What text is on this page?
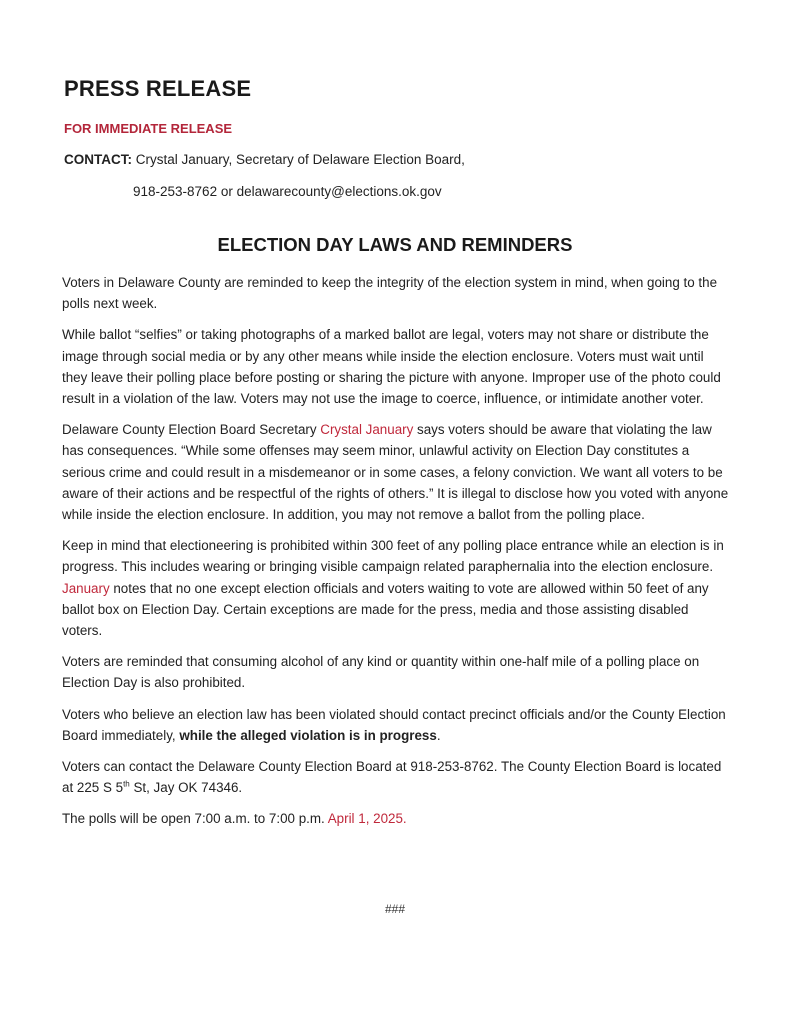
PRESS RELEASE
FOR IMMEDIATE RELEASE
CONTACT: Crystal January, Secretary of Delaware Election Board,
918-253-8762 or delawarecounty@elections.ok.gov
ELECTION DAY LAWS AND REMINDERS

Voters in Delaware County are reminded to keep the integrity of the election system in mind, when going to the polls next week.

While ballot “selfies” or taking photographs of a marked ballot are legal, voters may not share or distribute the image through social media or by any other means while inside the election enclosure. Voters must wait until they leave their polling place before posting or sharing the picture with anyone. Improper use of the photo could result in a violation of the law. Voters may not use the image to coerce, influence, or intimidate another voter.

Delaware County Election Board Secretary Crystal January says voters should be aware that violating the law has consequences. “While some offenses may seem minor, unlawful activity on Election Day constitutes a serious crime and could result in a misdemeanor or in some cases, a felony conviction. We want all voters to be aware of their actions and be respectful of the rights of others.” It is illegal to disclose how you voted with anyone while inside the election enclosure. In addition, you may not remove a ballot from the polling place.

Keep in mind that electioneering is prohibited within 300 feet of any polling place entrance while an election is in progress. This includes wearing or bringing visible campaign related paraphernalia into the election enclosure. January notes that no one except election officials and voters waiting to vote are allowed within 50 feet of any ballot box on Election Day. Certain exceptions are made for the press, media and those assisting disabled voters.

Voters are reminded that consuming alcohol of any kind or quantity within one-half mile of a polling place on Election Day is also prohibited.

Voters who believe an election law has been violated should contact precinct officials and/or the County Election Board immediately, while the alleged violation is in progress.

Voters can contact the Delaware County Election Board at 918-253-8762. The County Election Board is located at 225 S 5th St, Jay OK 74346.

The polls will be open 7:00 a.m. to 7:00 p.m. April 1, 2025.

###
